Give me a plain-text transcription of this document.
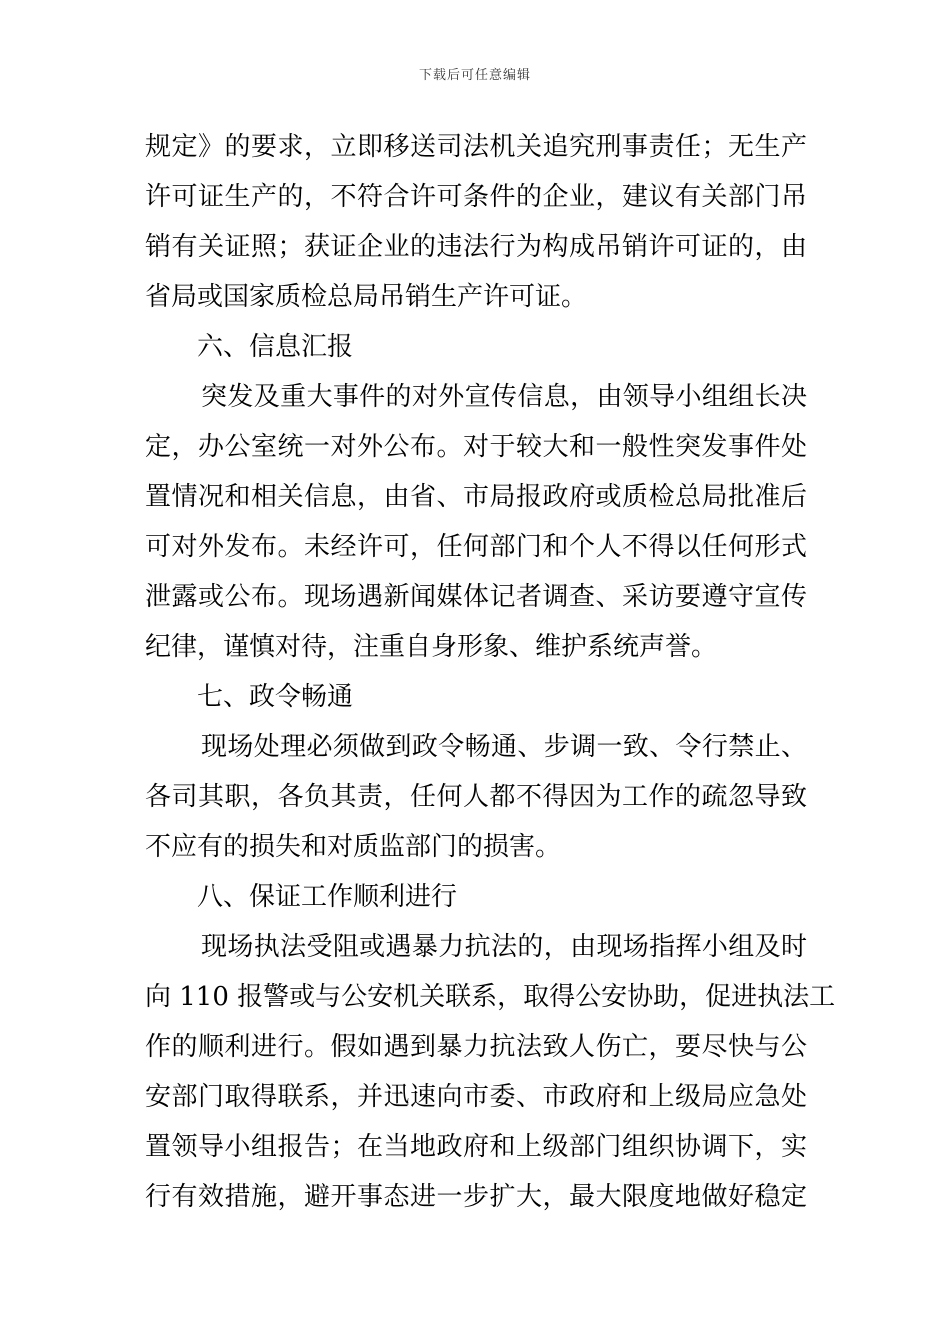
下载后可任意编辑
规定》的要求，立即移送司法机关追究刑事责任；无生产
许可证生产的，不符合许可条件的企业，建议有关部门吊
销有关证照；获证企业的违法行为构成吊销许可证的，由
省局或国家质检总局吊销生产许可证。
六、信息汇报
突发及重大事件的对外宣传信息，由领导小组组长决
定，办公室统一对外公布。对于较大和一般性突发事件处
置情况和相关信息，由省、市局报政府或质检总局批准后
可对外发布。未经许可，任何部门和个人不得以任何形式
泄露或公布。现场遇新闻媒体记者调查、采访要遵守宣传
纪律，谨慎对待，注重自身形象、维护系统声誉。
七、政令畅通
现场处理必须做到政令畅通、步调一致、令行禁止、
各司其职，各负其责，任何人都不得因为工作的疏忽导致
不应有的损失和对质监部门的损害。
八、保证工作顺利进行
现场执法受阻或遇暴力抗法的，由现场指挥小组及时
向 110 报警或与公安机关联系，取得公安协助，促进执法工
作的顺利进行。假如遇到暴力抗法致人伤亡，要尽快与公
安部门取得联系，并迅速向市委、市政府和上级局应急处
置领导小组报告；在当地政府和上级部门组织协调下，实
行有效措施，避开事态进一步扩大，最大限度地做好稳定
